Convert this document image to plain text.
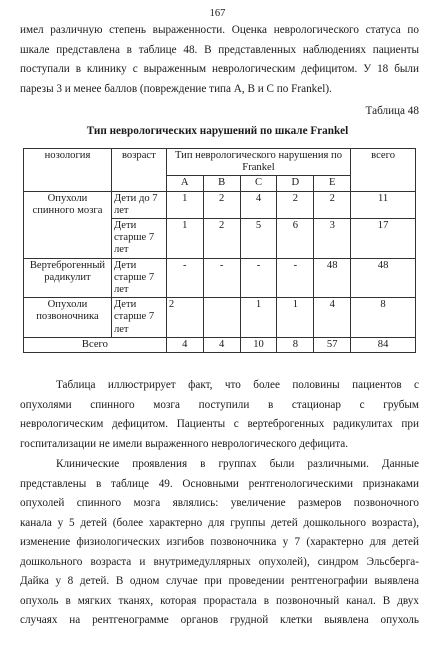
167
имел различную степень выраженности. Оценка неврологического статуса по
шкале представлена в таблице 48. В представленных наблюдениях пациенты
поступали в клинику с выраженным неврологическим дефицитом. У 18 были
парезы 3 и менее баллов (повреждение типа А, В и С по Frankel).
Таблица 48
Тип неврологических нарушений по шкале Frankel
нозология	возраст	Тип неврологического нарушения по Frankel					всего
		A	B	C	D	E	
Опухоли спинного мозга	Дети до 7 лет	1	2	4	2	2	11
	Дети старше 7 лет	1	2	5	6	3	17
Вертеброгенный радикулит	Дети старше 7 лет	-	-	-	-	48	48
Опухоли позвоночника	Дети старше 7 лет	2		1	1	4	8
Всего		4	4	10	8	57	84
Таблица иллюстрирует факт, что более половины пациентов с
опухолями спинного мозга поступили в стационар с грубым
неврологическим дефицитом. Пациенты с вертеброгенных радикулитах при
госпитализации не имели выраженного неврологического дефицита.
Клинические проявления в группах были различными. Данные
представлены в таблице 49. Основными рентгенологическими признаками
опухолей спинного мозга являлись: увеличение размеров позвоночного
канала у 5 детей (более характерно для группы детей дошкольного возраста),
изменение физиологических изгибов позвоночника у 7 (характерно для детей
дошкольного возраста и внутримедуллярных опухолей), синдром Эльсберга-
Дайка у 8 детей. В одном случае при проведении рентгенографии выявлена
опухоль в мягких тканях, которая прорастала в позвоночный канал. В двух
случаях на рентгенограмме органов грудной клетки выявлена опухоль
